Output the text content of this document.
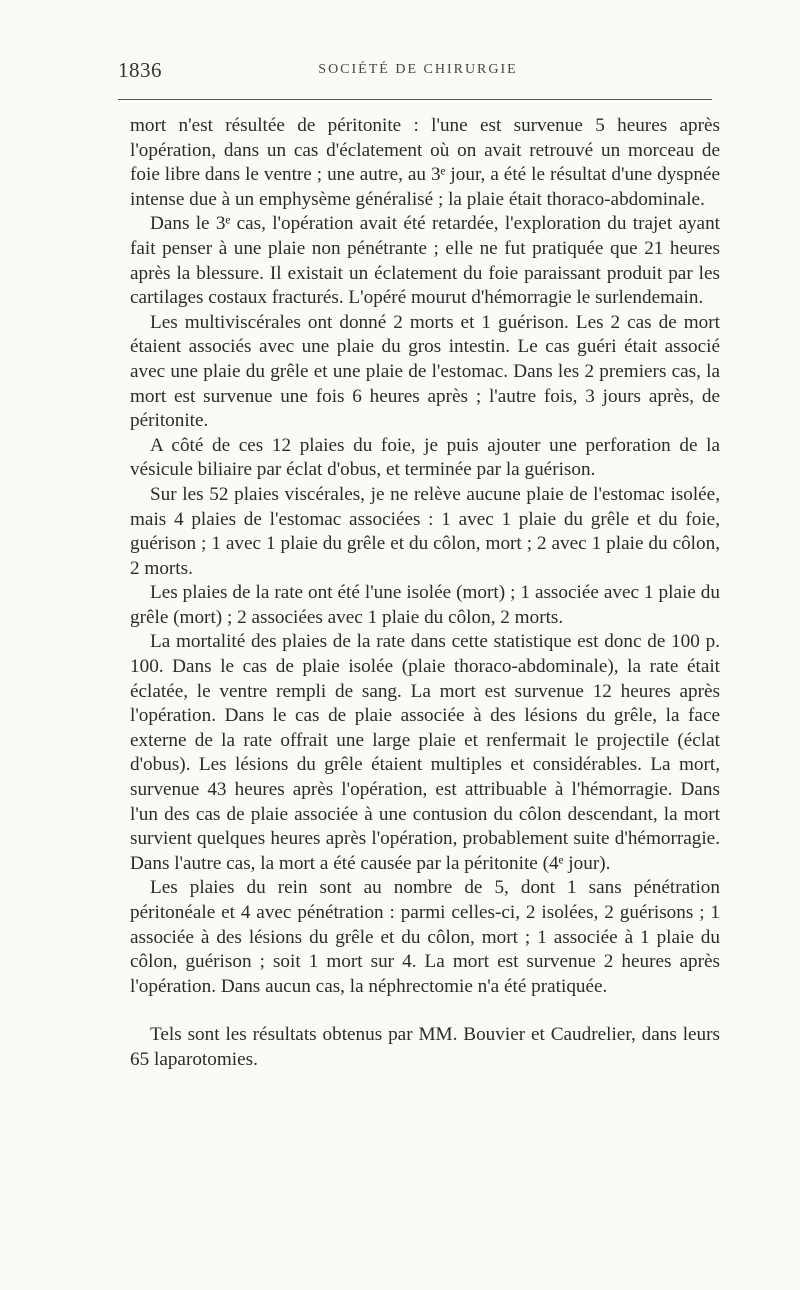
1836	SOCIÉTÉ DE CHIRURGIE

mort n'est résultée de péritonite : l'une est survenue 5 heures après l'opération, dans un cas d'éclatement où on avait retrouvé un morceau de foie libre dans le ventre ; une autre, au 3ᵉ jour, a été le résultat d'une dyspnée intense due à un emphysème généralisé ; la plaie était thoraco-abdominale.

Dans le 3ᵉ cas, l'opération avait été retardée, l'exploration du trajet ayant fait penser à une plaie non pénétrante ; elle ne fut pratiquée que 21 heures après la blessure. Il existait un éclatement du foie paraissant produit par les cartilages costaux fracturés. L'opéré mourut d'hémorragie le surlendemain.

Les multiviscérales ont donné 2 morts et 1 guérison. Les 2 cas de mort étaient associés avec une plaie du gros intestin. Le cas guéri était associé avec une plaie du grêle et une plaie de l'estomac. Dans les 2 premiers cas, la mort est survenue une fois 6 heures après ; l'autre fois, 3 jours après, de péritonite.

A côté de ces 12 plaies du foie, je puis ajouter une perforation de la vésicule biliaire par éclat d'obus, et terminée par la guérison.

Sur les 52 plaies viscérales, je ne relève aucune plaie de l'estomac isolée, mais 4 plaies de l'estomac associées : 1 avec 1 plaie du grêle et du foie, guérison ; 1 avec 1 plaie du grêle et du côlon, mort ; 2 avec 1 plaie du côlon, 2 morts.

Les plaies de la rate ont été l'une isolée (mort) ; 1 associée avec 1 plaie du grêle (mort) ; 2 associées avec 1 plaie du côlon, 2 morts.

La mortalité des plaies de la rate dans cette statistique est donc de 100 p. 100. Dans le cas de plaie isolée (plaie thoraco-abdominale), la rate était éclatée, le ventre rempli de sang. La mort est survenue 12 heures après l'opération. Dans le cas de plaie associée à des lésions du grêle, la face externe de la rate offrait une large plaie et renfermait le projectile (éclat d'obus). Les lésions du grêle étaient multiples et considérables. La mort, survenue 43 heures après l'opération, est attribuable à l'hémorragie. Dans l'un des cas de plaie associée à une contusion du côlon descendant, la mort survient quelques heures après l'opération, probablement suite d'hémorragie. Dans l'autre cas, la mort a été causée par la péritonite (4ᵉ jour).

Les plaies du rein sont au nombre de 5, dont 1 sans pénétration péritonéale et 4 avec pénétration : parmi celles-ci, 2 isolées, 2 guérisons ; 1 associée à des lésions du grêle et du côlon, mort ; 1 associée à 1 plaie du côlon, guérison ; soit 1 mort sur 4. La mort est survenue 2 heures après l'opération. Dans aucun cas, la néphrectomie n'a été pratiquée.

Tels sont les résultats obtenus par MM. Bouvier et Caudrelier, dans leurs 65 laparotomies.
